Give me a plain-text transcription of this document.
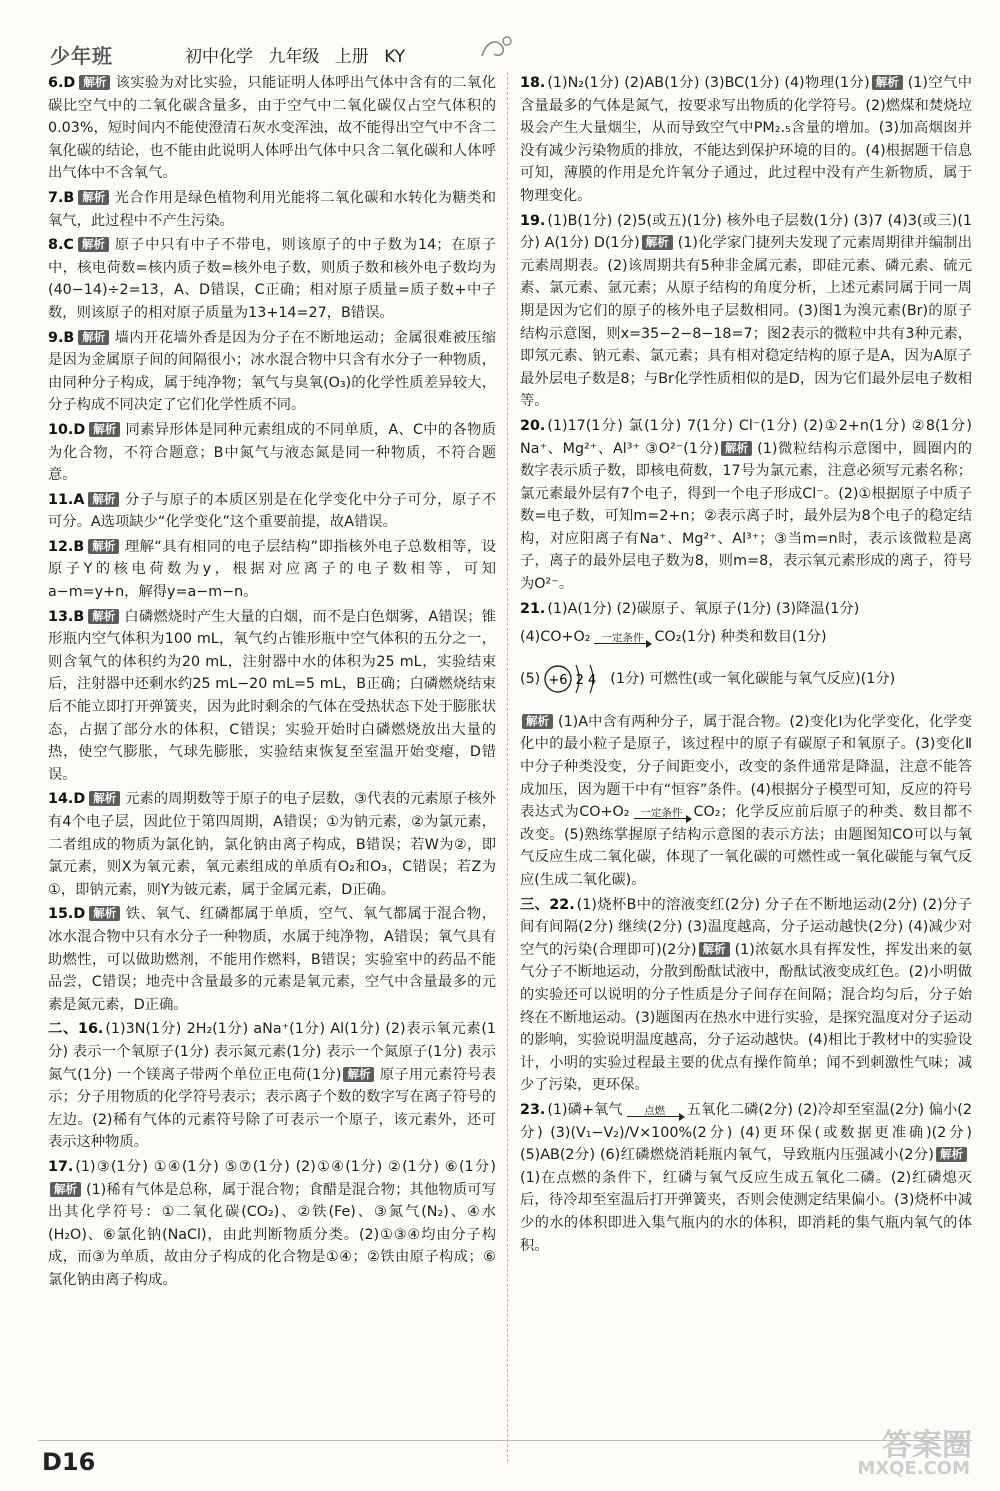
少年班	初中化学 九年级 上册 KY
6.D 解析 该实验为对比实验，只能证明人体呼出气体中含有的二氧化碳比空气中的二氧化碳含量多，由于空气中二氧化碳仅占空气体积的0.03%，短时间内不能使澄清石灰水变浑浊，故不能得出空气中不含二氧化碳的结论，也不能由此说明人体呼出气体中只含二氧化碳和人体呼出气体中不含氧气。
7.B 解析 光合作用是绿色植物利用光能将二氧化碳和水转化为糖类和氧气，此过程中不产生污染。
8.C 解析 原子中只有中子不带电，则该原子的中子数为14；在原子中，核电荷数=核内质子数=核外电子数，则质子数和核外电子数均为(40−14)÷2=13，A、D错误，C正确；相对原子质量=质子数+中子数，则该原子的相对原子质量为13+14=27，B错误。
9.B 解析 墙内开花墙外香是因为分子在不断地运动；金属很难被压缩是因为金属原子间的间隔很小；冰水混合物中只含有水分子一种物质，由同种分子构成，属于纯净物；氧气与臭氧(O₃)的化学性质差异较大，分子构成不同决定了它们化学性质不同。
10.D 解析 同素异形体是同种元素组成的不同单质，A、C中的各物质为化合物，不符合题意；B中氮气与液态氮是同一种物质，不符合题意。
11.A 解析 分子与原子的本质区别是在化学变化中分子可分，原子不可分。A选项缺少“化学变化”这个重要前提，故A错误。
12.B 解析 理解“具有相同的电子层结构”即指核外电子总数相等，设原子Y的核电荷数为y，根据对应离子的电子数相等，可知a−m=y+n，解得y=a−m−n。
13.B 解析 白磷燃烧时产生大量的白烟，而不是白色烟雾，A错误；锥形瓶内空气体积为100 mL，氧气约占锥形瓶中空气体积的五分之一，则含氧气的体积约为20 mL，注射器中水的体积为25 mL，实验结束后，注射器中还剩水约25 mL−20 mL=5 mL，B正确；白磷燃烧结束后不能立即打开弹簧夹，因为此时剩余的气体在受热状态下处于膨胀状态，占据了部分水的体积，C错误；实验开始时白磷燃烧放出大量的热，使空气膨胀，气球先膨胀，实验结束恢复至室温开始变瘪，D错误。
14.D 解析 元素的周期数等于原子的电子层数，③代表的元素原子核外有4个电子层，因此位于第四周期，A错误；①为钠元素，②为氯元素，二者组成的物质为氯化钠，氯化钠由离子构成，B错误；若W为②，即氯元素，则X为氧元素，氧元素组成的单质有O₂和O₃，C错误；若Z为①，即钠元素，则Y为铍元素，属于金属元素，D正确。
15.D 解析 铁、氧气、红磷都属于单质，空气、氧气都属于混合物，冰水混合物中只有水分子一种物质，水属于纯净物，A错误；氧气具有助燃性，可以做助燃剂，不能用作燃料，B错误；实验室中的药品不能品尝，C错误；地壳中含量最多的元素是氧元素，空气中含量最多的元素是氮元素，D正确。
二、16. (1)3N(1分) 2H₂(1分) aNa⁺(1分) Al(1分) (2)表示氧元素(1分) 表示一个氧原子(1分) 表示氮元素(1分) 表示一个氮原子(1分) 表示氮气(1分) 一个镁离子带两个单位正电荷(1分) 解析 原子用元素符号表示；分子用物质的化学符号表示；表示离子个数的数字写在离子符号的左边。(2)稀有气体的元素符号除了可表示一个原子，该元素外，还可表示这种物质。
17. (1)③(1分) ①④(1分) ⑤⑦(1分) (2)①④(1分) ②(1分) ⑥(1分)解析 (1)稀有气体是总称，属于混合物；食醋是混合物；其他物质可写出其化学符号：①二氧化碳(CO₂)、②铁(Fe)、③氮气(N₂)、④水(H₂O)、⑥氯化钠(NaCl)，由此判断物质分类。(2)①③④均由分子构成，而③为单质，故由分子构成的化合物是①④；②铁由原子构成；⑥氯化钠由离子构成。
18. (1)N₂(1分) (2)AB(1分) (3)BC(1分) (4)物理(1分) 解析 (1)空气中含量最多的气体是氮气，按要求写出物质的化学符号。(2)燃煤和焚烧垃圾会产生大量烟尘，从而导致空气中PM₂.₅含量的增加。(3)加高烟囱并没有减少污染物质的排放，不能达到保护环境的目的。(4)根据题干信息可知，薄膜的作用是允许氧分子通过，此过程中没有产生新物质，属于物理变化。
19. (1)B(1分) (2)5(或五)(1分) 核外电子层数(1分) (3)7 (4)3(或三)(1分) A(1分) D(1分) 解析 (1)化学家门捷列夫发现了元素周期律并编制出元素周期表。(2)该周期共有5种非金属元素，即硅元素、磷元素、硫元素、氯元素、氩元素；从原子结构的角度分析，上述元素同属于同一周期是因为它们的原子的核外电子层数相同。(3)图1为溴元素(Br)的原子结构示意图，则x=35−2−8−18=7；图2表示的微粒中共有3种元素，即氖元素、钠元素、氯元素；具有相对稳定结构的原子是A，因为A原子最外层电子数是8；与Br化学性质相似的是D，因为它们最外层电子数相等。
20. (1)17(1分) 氯(1分) 7(1分) Cl⁻(1分) (2)①2+n(1分) ②8(1分) Na⁺、Mg²⁺、Al³⁺ ③O²⁻(1分) 解析 (1)微粒结构示意图中，圆圈内的数字表示质子数，即核电荷数，17号为氯元素，注意必须写元素名称；氯元素最外层有7个电子，得到一个电子形成Cl⁻。(2)①根据原子中质子数=电子数，可知m=2+n；②表示离子时，最外层为8个电子的稳定结构，对应阳离子有Na⁺、Mg²⁺、Al³⁺；③当m=n时，表示该微粒是离子，离子的最外层电子数为8，则m=8，表示氧元素形成的离子，符号为O²⁻。
21. (1)A(1分) (2)碳原子、氧原子(1分) (3)降温(1分)
(4)CO+O₂	一定条件 CO₂(1分) 种类和数目(1分)
(5) +6 2 4 (1分) 可燃性(或一氧化碳能与氧气反应)(1分)
解析 (1)A中含有两种分子，属于混合物。(2)变化Ⅰ为化学变化，化学变化中的最小粒子是原子，该过程中的原子有碳原子和氧原子。(3)变化Ⅱ中分子种类没变，分子间距变小，改变的条件通常是降温，注意不能答成加压，因为题干中有“恒容”条件。(4)根据分子模型可知，反应的符号表达式为CO+O₂	一定条件 CO₂；化学反应前后原子的种类、数目都不改变。(5)熟练掌握原子结构示意图的表示方法；由题图知CO可以与氧气反应生成二氧化碳，体现了一氧化碳的可燃性或一氧化碳能与氧气反应(生成二氧化碳)。
三、22. (1)烧杯B中的溶液变红(2分) 分子在不断地运动(2分) (2)分子间有间隔(2分) 继续(2分) (3)温度越高，分子运动越快(2分) (4)减少对空气的污染(合理即可)(2分) 解析 (1)浓氨水具有挥发性，挥发出来的氨气分子不断地运动，分散到酚酞试液中，酚酞试液变成红色。(2)小明做的实验还可以说明的分子性质是分子间存在间隔；混合均匀后，分子始终在不断地运动。(3)题图丙在热水中进行实验，是探究温度对分子运动的影响，实验说明温度越高，分子运动越快。(4)相比于教材中的实验设计，小明的实验过程最主要的优点有操作简单；闻不到刺激性气味；减少了污染，更环保。
23. (1)磷+氧气	点燃	五氧化二磷(2分) (2)冷却至室温(2分) 偏小(2分) (3)(V₁−V₂)/V×100%(2分) (4)更环保(或数据更准确)(2分) (5)AB(2分) (6)红磷燃烧消耗瓶内氧气，导致瓶内压强减小(2分) 解析(1)在点燃的条件下，红磷与氧气反应生成五氧化二磷。(2)红磷熄灭后，待冷却至室温后打开弹簧夹，否则会使测定结果偏小。(3)烧杯中减少的水的体积即进入集气瓶内的水的体积，即消耗的集气瓶内氧气的体积。
D16	答案圈
MXQE.COM
